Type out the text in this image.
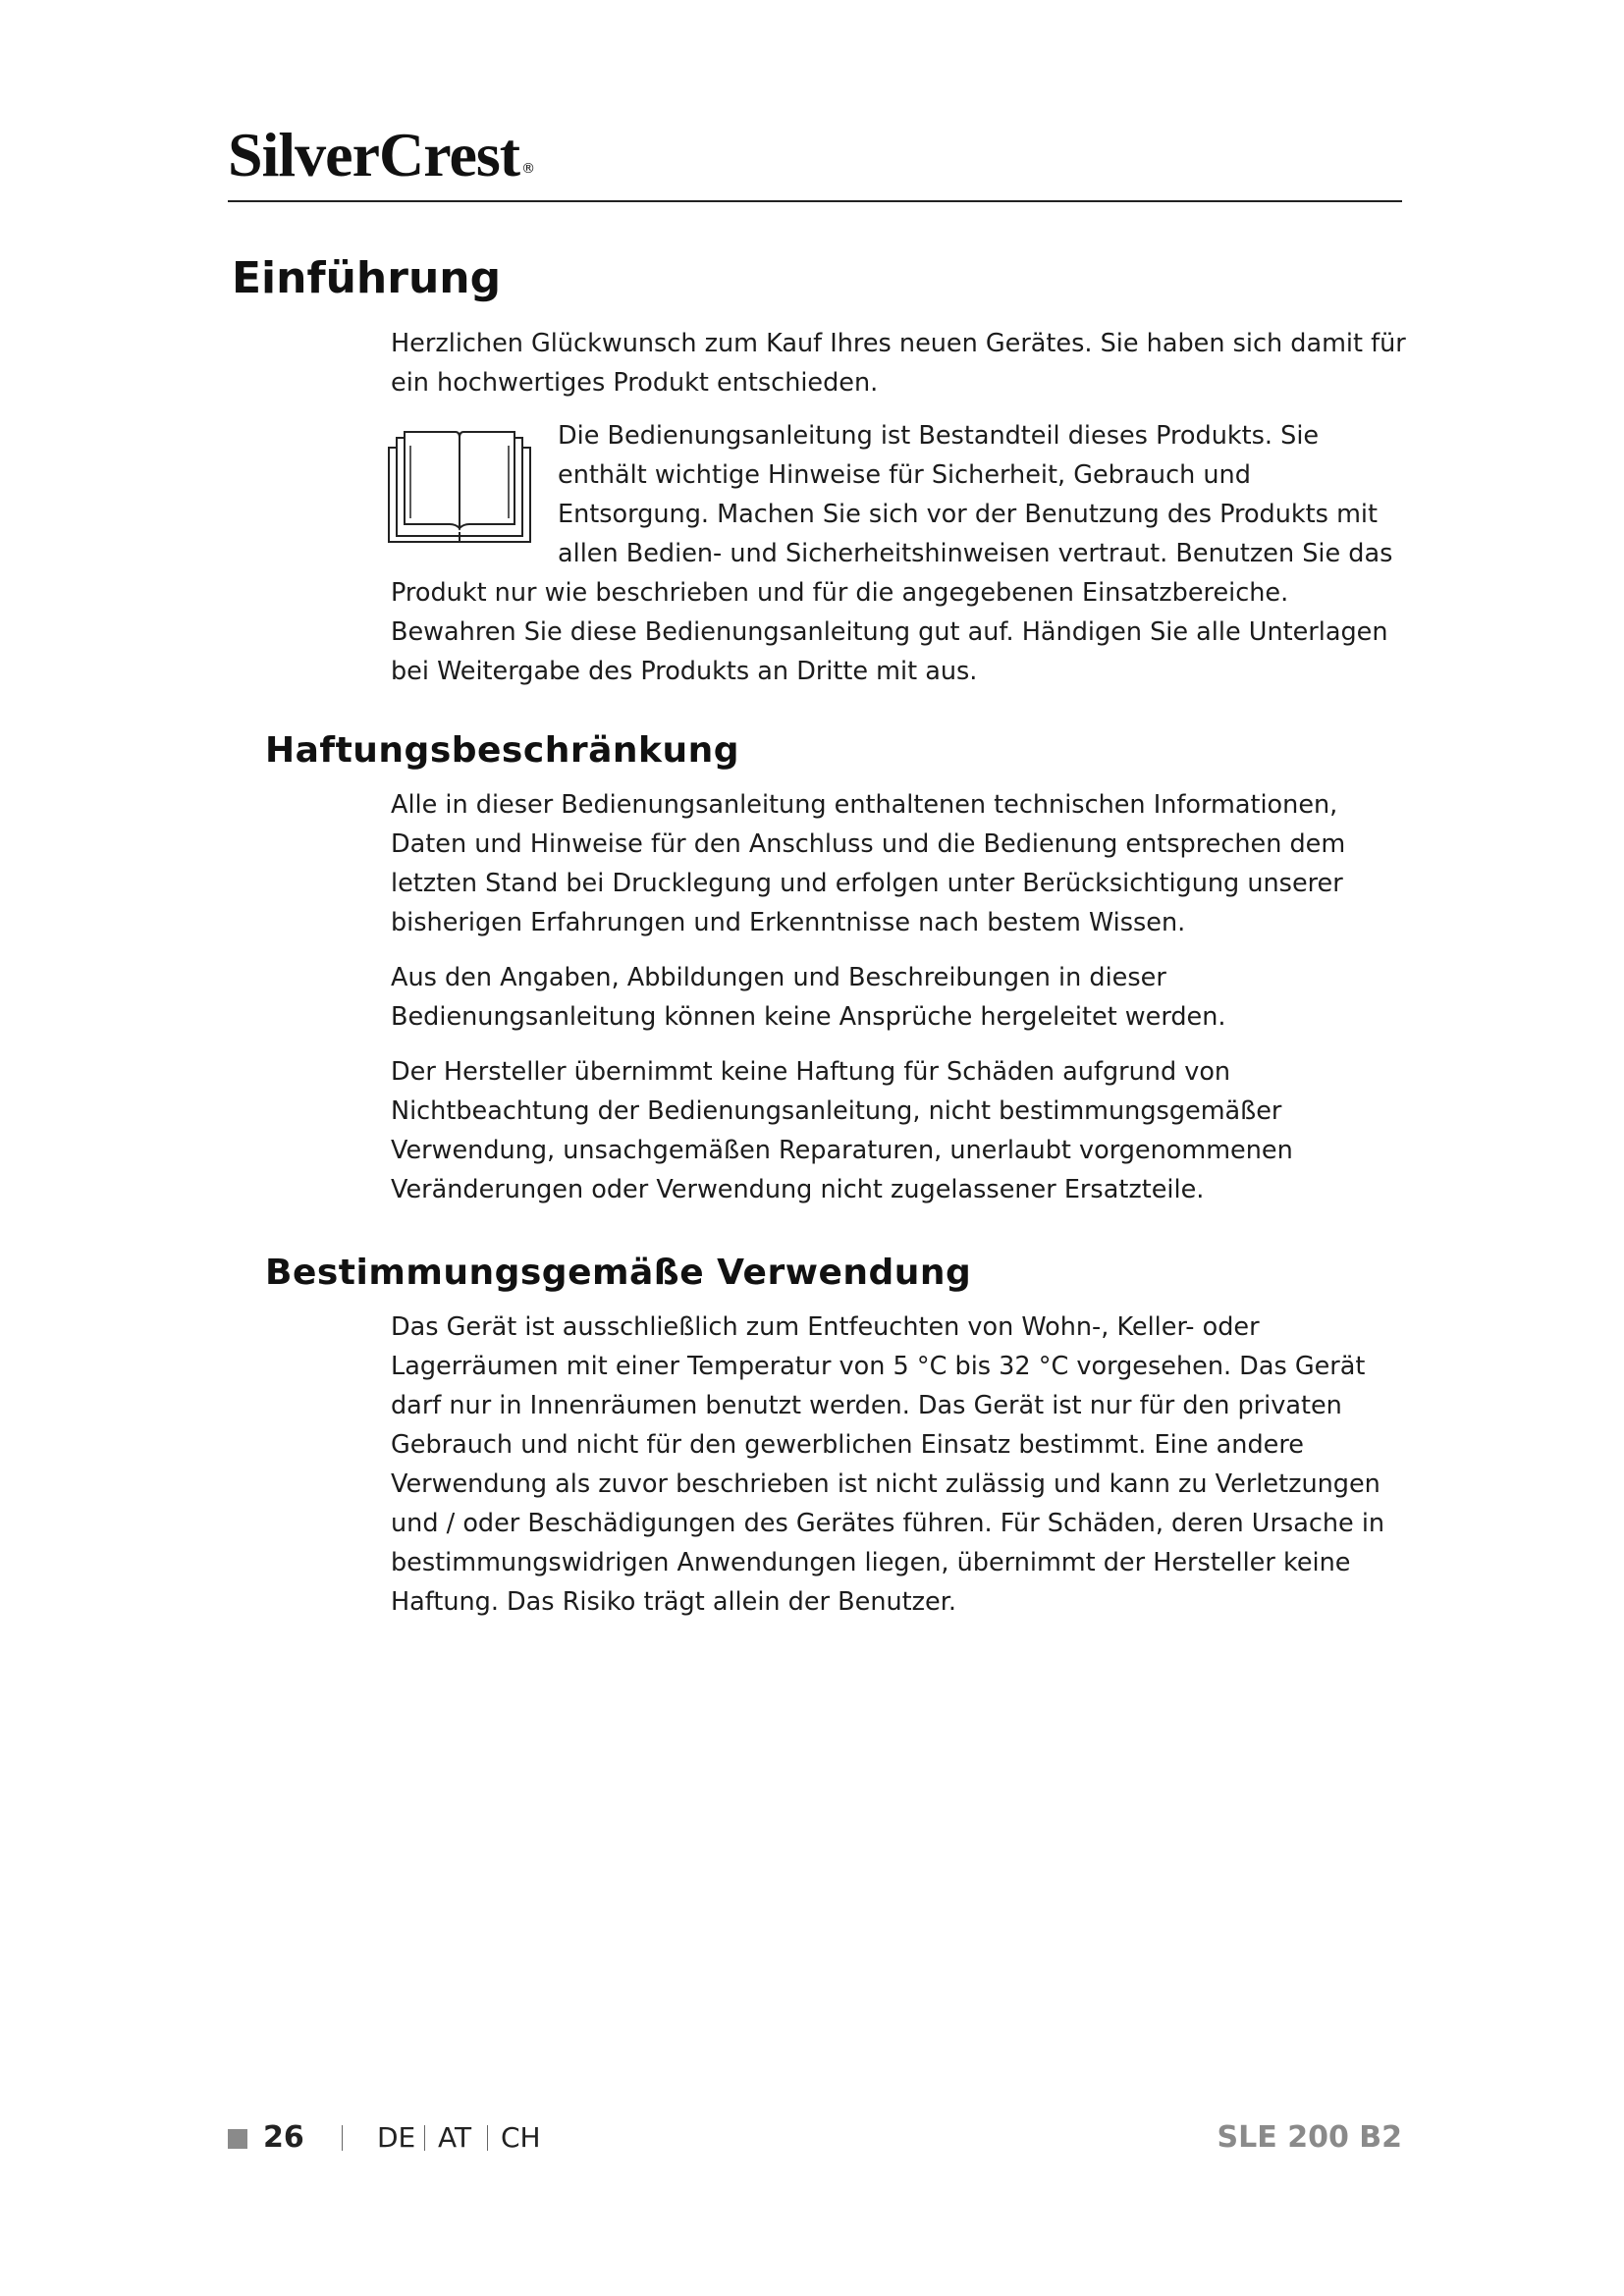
SilverCrest ®
Einführung

Herzlichen Glückwunsch zum Kauf Ihres neuen Gerätes. Sie haben sich damit für ein hochwertiges Produkt entschieden.

Die Bedienungsanleitung ist Bestandteil dieses Produkts. Sie enthält wichtige Hinweise für Sicherheit, Gebrauch und Entsorgung. Machen Sie sich vor der Benutzung des Produkts mit allen Bedien- und Sicherheitshinweisen vertraut. Benutzen Sie das

Produkt nur wie beschrieben und für die angegebenen Einsatzbereiche. Bewahren Sie diese Bedienungsanleitung gut auf. Händigen Sie alle Unterlagen bei Weitergabe des Produkts an Dritte mit aus.

Haftungsbeschränkung

Alle in dieser Bedienungsanleitung enthaltenen technischen Informationen, Daten und Hinweise für den Anschluss und die Bedienung entsprechen dem letzten Stand bei Drucklegung und erfolgen unter Berücksichtigung unserer bisherigen Erfahrungen und Erkenntnisse nach bestem Wissen.

Aus den Angaben, Abbildungen und Beschreibungen in dieser Bedienungsanleitung können keine Ansprüche hergeleitet werden.

Der Hersteller übernimmt keine Haftung für Schäden aufgrund von Nichtbeachtung der Bedienungsanleitung, nicht bestimmungsgemäßer Verwendung, unsachgemäßen Reparaturen, unerlaubt vorgenommenen Veränderungen oder Verwendung nicht zugelassener Ersatzteile.

Bestimmungsgemäße Verwendung

Das Gerät ist ausschließlich zum Entfeuchten von Wohn-, Keller- oder Lagerräumen mit einer Temperatur von 5 °C bis 32 °C vorgesehen. Das Gerät darf nur in Innenräumen benutzt werden. Das Gerät ist nur für den privaten Gebrauch und nicht für den gewerblichen Einsatz bestimmt. Eine andere Verwendung als zuvor beschrieben ist nicht zulässig und kann zu Verletzungen und / oder Beschädigungen des Gerätes führen. Für Schäden, deren Ursache in bestimmungswidrigen Anwendungen liegen, übernimmt der Hersteller keine Haftung. Das Risiko trägt allein der Benutzer.

26	DE AT CH	SLE 200 B2
